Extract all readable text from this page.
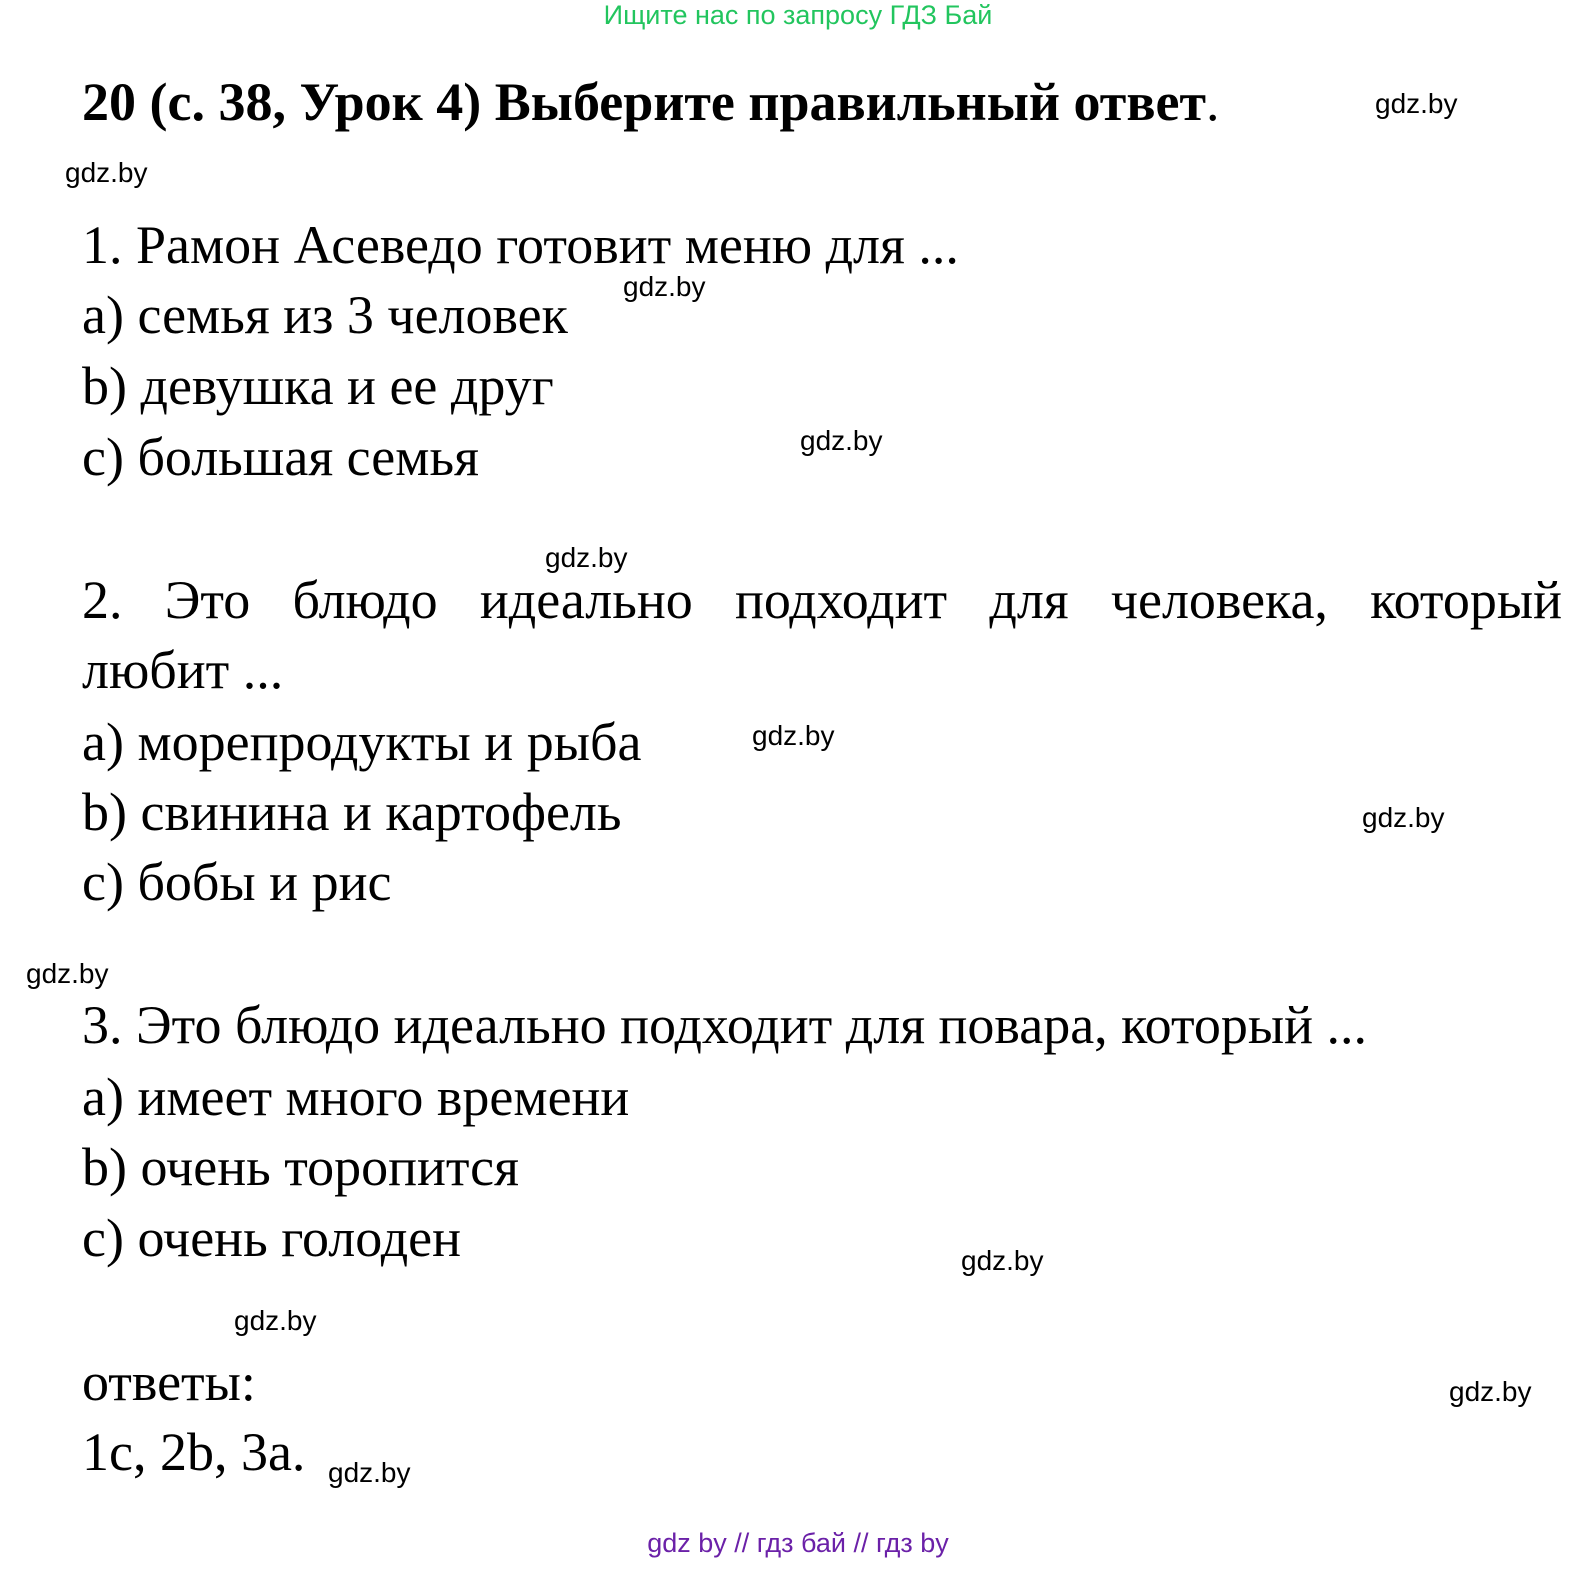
Ищите нас по запросу ГДЗ Бай
20 (с. 38, Урок 4) Выберите правильный ответ.
1. Рамон Асеведо готовит меню для ...
a) семья из 3 человек
b) девушка и ее друг
c) большая семья
2. Это блюдо идеально подходит для человека, который
любит ...
a) морепродукты и рыба
b) свинина и картофель
c) бобы и рис
3. Это блюдо идеально подходит для повара, который ...
a) имеет много времени
b) очень торопится
c) очень голоден
ответы:
1c, 2b, 3a.
gdz.by
gdz.by
gdz.by
gdz.by
gdz.by
gdz.by
gdz.by
gdz.by
gdz.by
gdz.by
gdz.by
gdz.by
gdz by // гдз бай // гдз by
